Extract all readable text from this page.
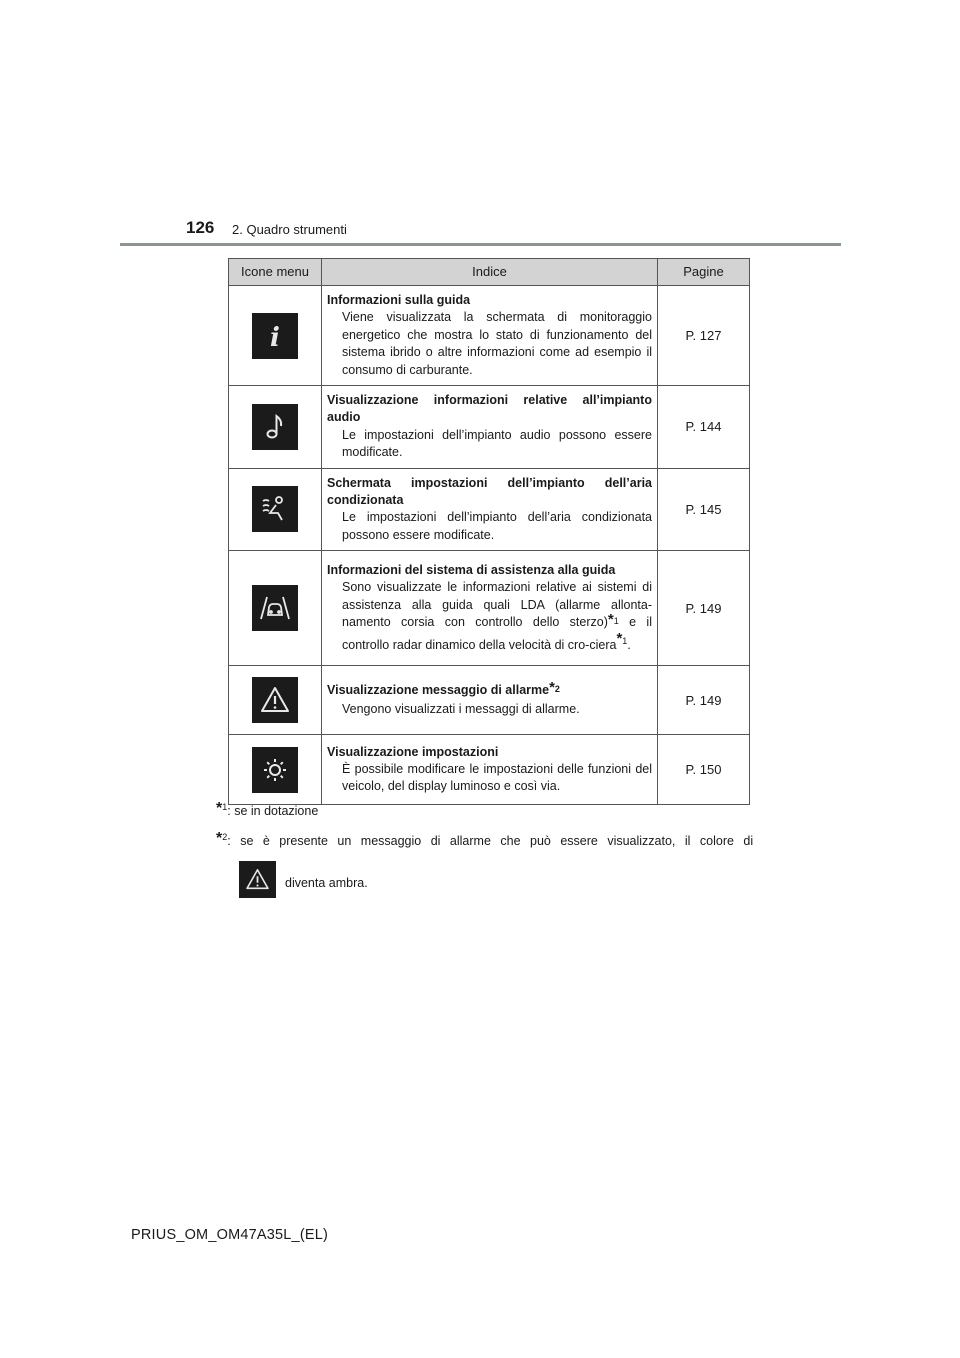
126 2. Quadro strumenti
Icone menu	Indice	Pagine

i	Informazioni sulla guida
Viene visualizzata la schermata di monitoraggio energetico che mostra lo stato di funzionamento del sistema ibrido o altre informazioni come ad esempio il consumo di carburante.	P. 127

Visualizzazione informazioni relative all’impianto audio
Le impostazioni dell’impianto audio possono essere modificate.	P. 144

Schermata impostazioni dell’impianto dell’aria condizionata
Le impostazioni dell’impianto dell’aria condizionata possono essere modificate.	P. 145

Informazioni del sistema di assistenza alla guida
Sono visualizzate le informazioni relative ai sistemi di assistenza alla guida quali LDA (allarme allonta-namento corsia con controllo dello sterzo)$^{*1}$ e il controllo radar dinamico della velocità di cro-ciera*$^1$.	P. 149

Visualizzazione messaggio di allarme$^{*2}$
Vengono visualizzati i messaggi di allarme.	P. 149

Visualizzazione impostazioni
È possibile modificare le impostazioni delle funzioni del veicolo, del display luminoso e così via.	P. 150
*$^1$: se in dotazione
*$^2$: se è presente un messaggio di allarme che può essere visualizzato, il colore di
diventa ambra.
PRIUS_OM_OM47A35L_(EL)
